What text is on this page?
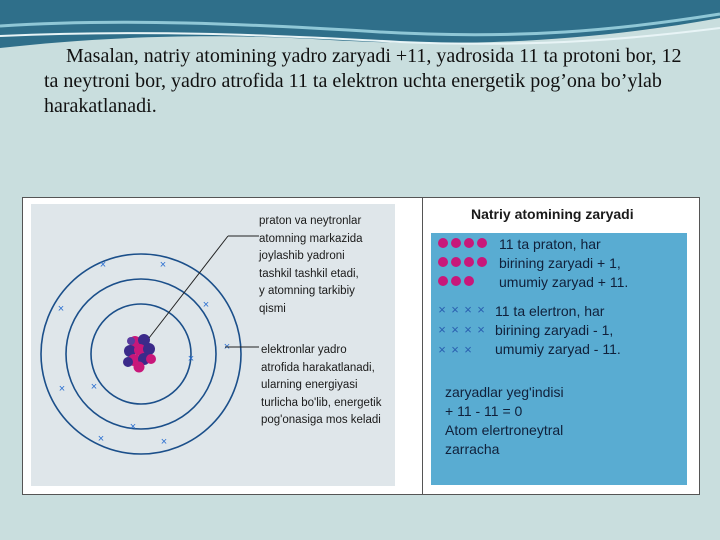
Masalan, natriy atomining yadro zaryadi +11, yadrosida 11 ta protoni bor, 12 ta neytroni bor, yadro atrofida 11 ta elektron uchta energetik pog’ona bo’ylab harakatlanadi.
×	×
×
×
×
×
×
×
×	×
×
praton va neytronlar
atomning markazida
joylashib yadroni
tashkil tashkil etadi,
y atomning tarkibiy
qismi
elektronlar yadro
atrofida harakatlanadi,
ularning energiyasi
turlicha bo'lib, energetik
pog'onasiga mos keladi
Natriy atomining zaryadi
11 ta praton, har
birining zaryadi + 1,
umumiy zaryad + 11.
× × × ×
× × × ×
× × ×
11 ta elertron, har
birining zaryadi - 1,
umumiy zaryad - 11.
zaryadlar yeg'indisi
+ 11 - 11 = 0
Atom elertroneytral
zarracha
